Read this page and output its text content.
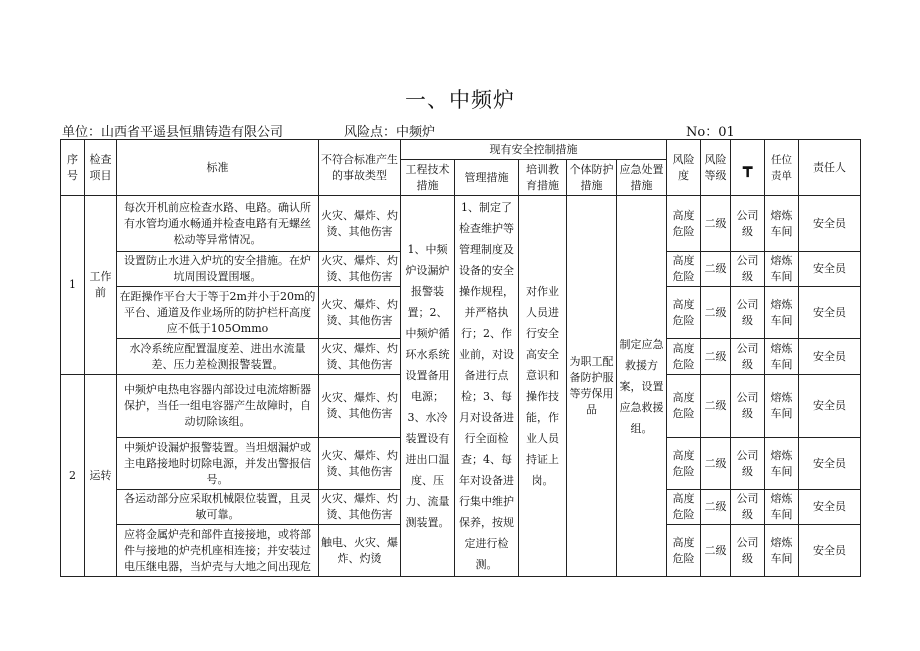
一、中频炉
单位：山西省平遥县恒鼎铸造有限公司	风险点：中频炉	No：01
序号	检查项目	标准	不符合标准产生的事故类型	现有安全控制措施					风险度	风险等级	┳	任位责单	责任人
				工程技术措施	管理措施	培训教育措施	个体防护措施	应急处置措施					
1	工作前	每次开机前应检查水路、电路。确认所有水管均通水畅通并检查电路有无螺丝松动等异常情况。	火灾、爆炸、灼烫、其他伤害	1、中频炉设漏炉报警装置；2、中频炉循环水系统设置备用电源；3、水冷装置设有进出口温度、压力、流量测装置。	1、制定了检查维护等管理制度及设备的安全操作规程，并严格执行；2、作业前，对设备进行点检；3、每月对设备进行全面检查；4、每年对设备进行集中维护保养，按规定进行检测。	对作业人员进行安全高安全意识和操作技能，作业人员持证上岗。	为职工配备防护服等劳保用品	制定应急救援方案，设置应急救援组。	高度危险	二级	公司级	熔炼车间	安全员
		设置防止水进入炉坑的安全措施。在炉坑周围设置围堰。	火灾、爆炸、灼烫、其他伤害						高度危险	二级	公司级	熔炼车间	安全员
		在距操作平台大于等于2m并小于20m的平台、通道及作业场所的防护栏杆高度应不低于105Ommo	火灾、爆炸、灼烫、其他伤害						高度危险	二级	公司级	熔炼车间	安全员
		水冷系统应配置温度差、进出水流量差、压力差检测报警装置。	火灾、爆炸、灼烫、其他伤害						高度危险	二级	公司级	熔炼车间	安全员
2	运转	中频炉电热电容器内部设过电流熔断器保护，当任一组电容器产生故障时，自动切除该组。	火灾、爆炸、灼烫、其他伤害						高度危险	二级	公司级	熔炼车间	安全员
		中频炉设漏炉报警装置。当坦烟漏炉或主电路接地时切除电源，并发出警报信号。	火灾、爆炸、灼烫、其他伤害						高度危险	二级	公司级	熔炼车间	安全员
		各运动部分应采取机械限位装置，且灵敏可靠。	火灾、爆炸、灼烫、其他伤害						高度危险	二级	公司级	熔炼车间	安全员
		应将金属炉壳和部件直接接地，或将部件与接地的炉壳机座相连接；并安装过电压继电器，当炉壳与大地之间出现危	触电、火灾、爆炸、灼烫						高度危险	二级	公司级	熔炼车间	安全员
